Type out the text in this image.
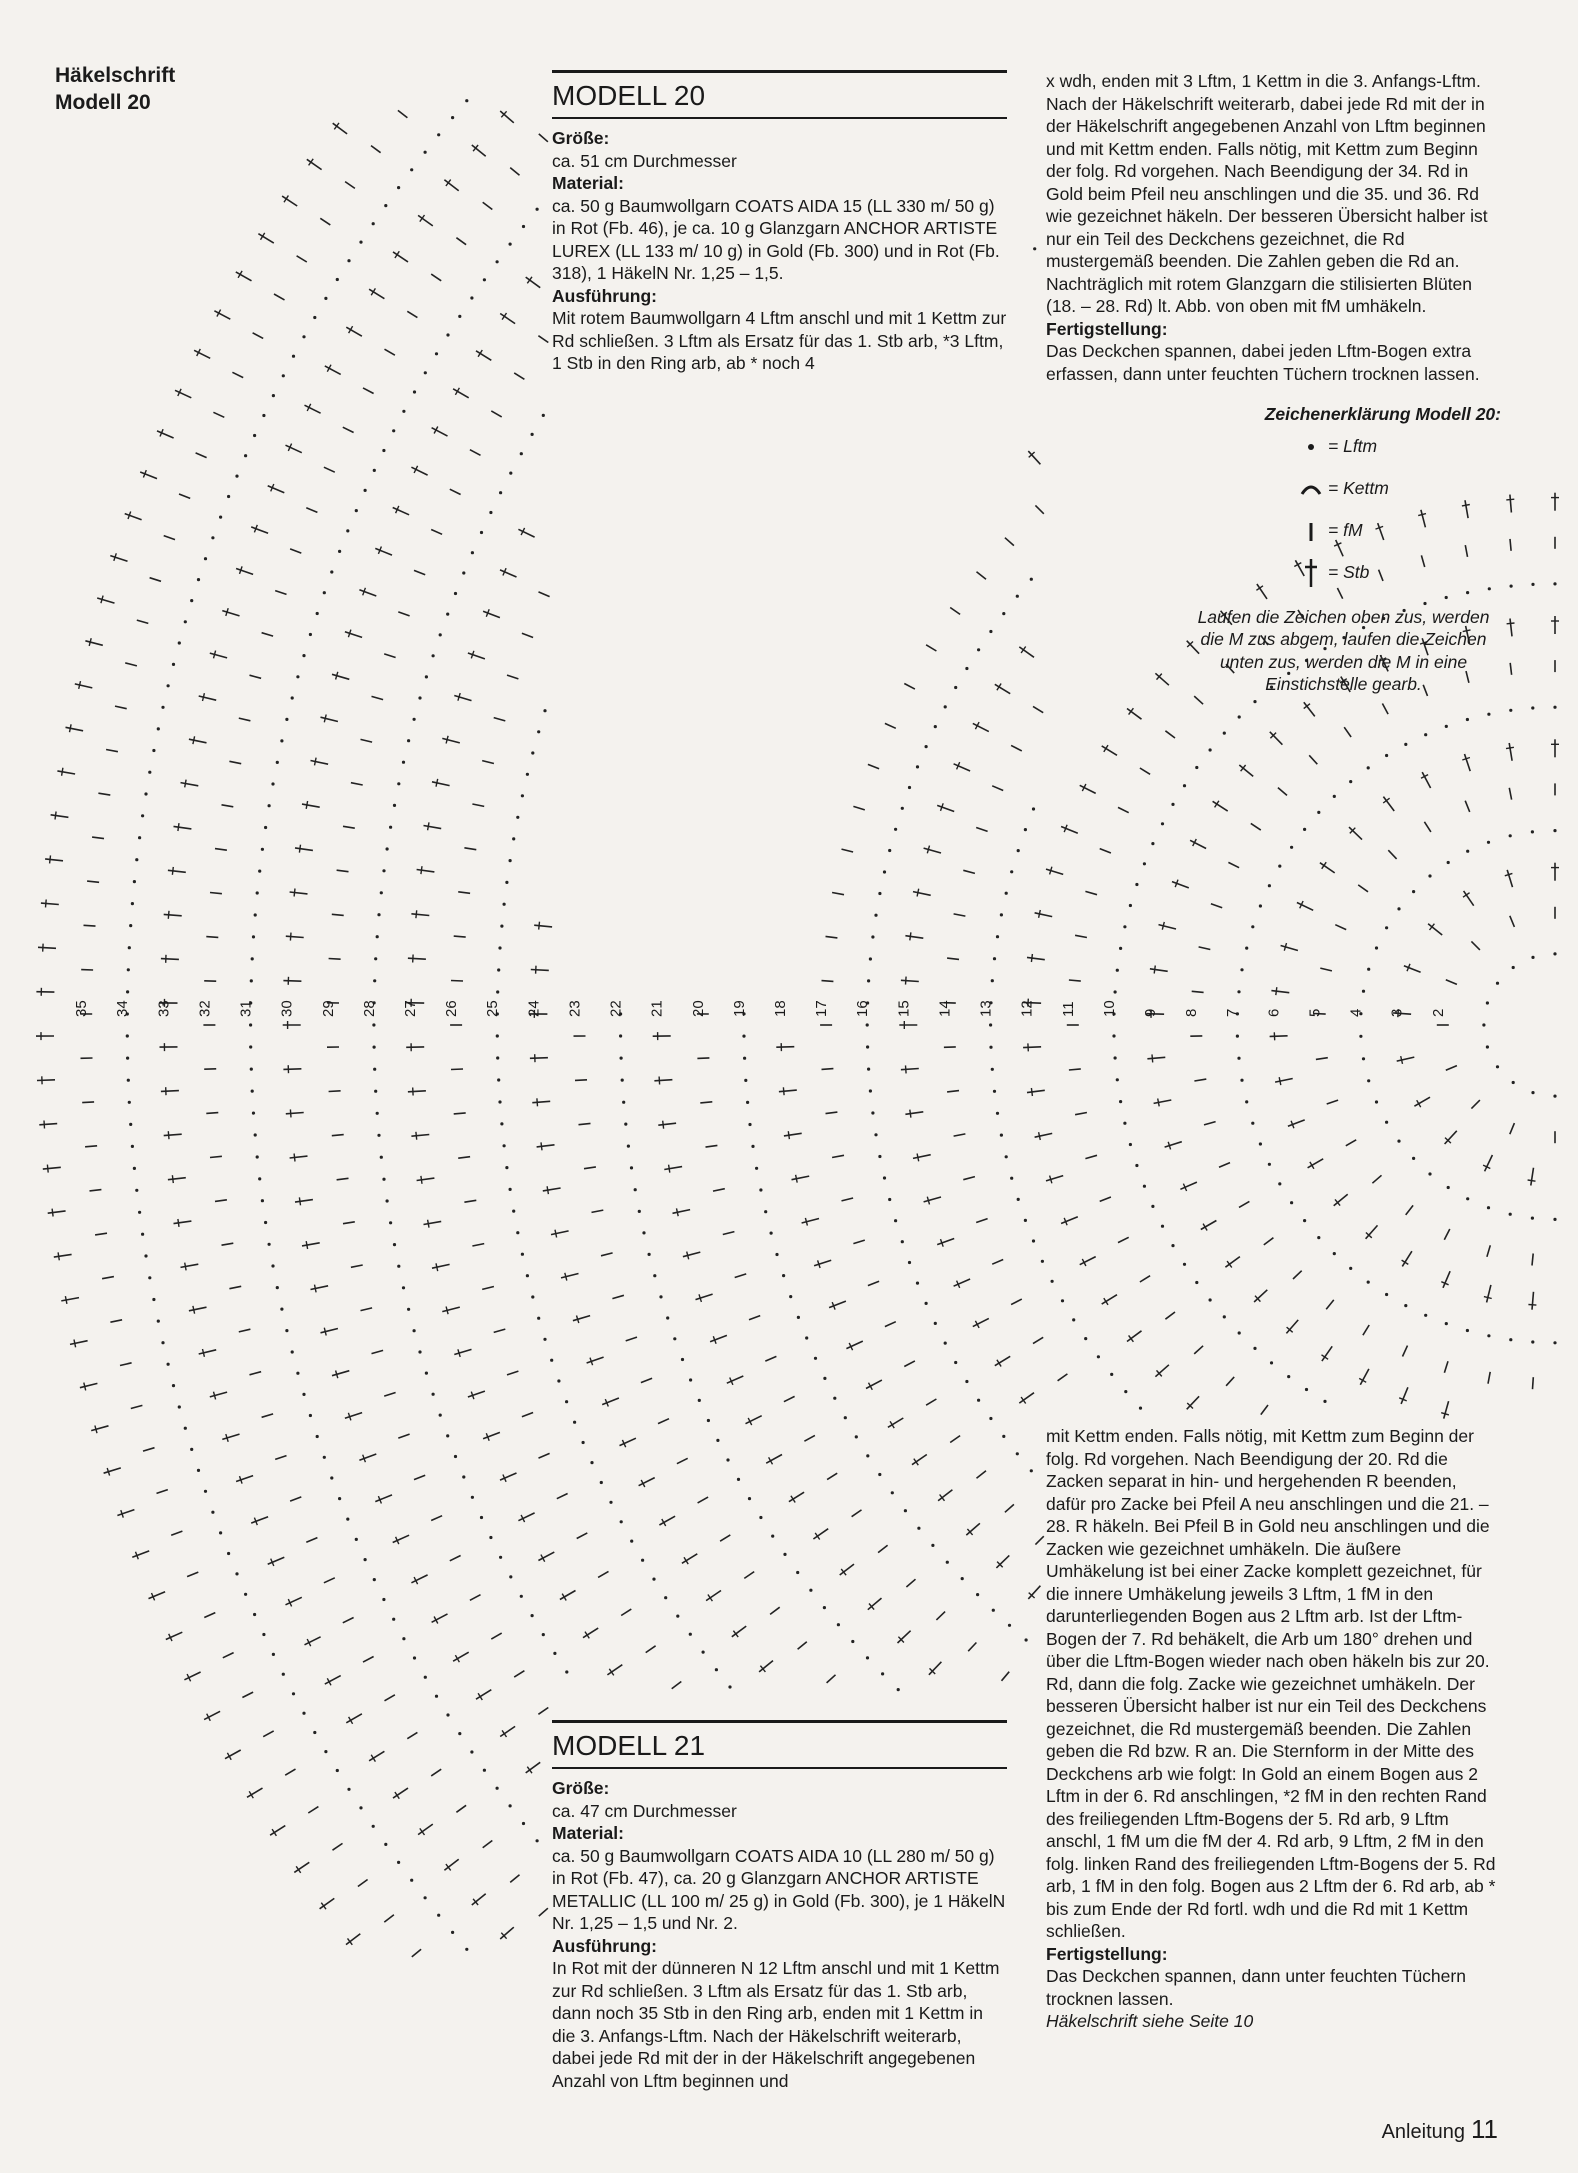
Häkelschrift
Modell 20
2
3
4
5
6
7
8
9
10
11
12
13
14
15
16
17
18
19
20
21
22
23
24
25
26
27
28
29
30
31
32
33
34
35
MODELL 20

Größe:

ca. 51 cm Durchmesser

Material:

ca. 50 g Baumwollgarn COATS AIDA 15 (LL 330 m/ 50 g) in Rot (Fb. 46), je ca. 10 g Glanzgarn ANCHOR ARTISTE LUREX (LL 133 m/ 10 g) in Gold (Fb. 300) und in Rot (Fb. 318), 1 HäkelN Nr. 1,25 – 1,5.

Ausführung:

Mit rotem Baumwollgarn 4 Lftm anschl und mit 1 Kettm zur Rd schließen. 3 Lftm als Ersatz für das 1. Stb arb, *3 Lftm, 1 Stb in den Ring arb, ab * noch 4

x wdh, enden mit 3 Lftm, 1 Kettm in die 3. Anfangs-Lftm. Nach der Häkelschrift weiterarb, dabei jede Rd mit der in der Häkelschrift angegebenen Anzahl von Lftm beginnen und mit Kettm enden. Falls nötig, mit Kettm zum Beginn der folg. Rd vorgehen. Nach Beendigung der 34. Rd in Gold beim Pfeil neu anschlingen und die 35. und 36. Rd wie gezeichnet häkeln. Der besseren Übersicht halber ist nur ein Teil des Deckchens gezeichnet, die Rd mustergemäß beenden. Die Zahlen geben die Rd an. Nachträglich mit rotem Glanzgarn die stilisierten Blüten (18. – 28. Rd) lt. Abb. von oben mit fM umhäkeln.

Fertigstellung:

Das Deckchen spannen, dabei jeden Lftm-Bogen extra erfassen, dann unter feuchten Tüchern trocknen lassen.

Zeichenerklärung Modell 20:
= Lftm
= Kettm
= fM
= Stb
Laufen die Zeichen oben zus, werden die M zus abgem, laufen die Zeichen unten zus, werden die M in eine Einstichstelle gearb.
MODELL 21

Größe:

ca. 47 cm Durchmesser

Material:

ca. 50 g Baumwollgarn COATS AIDA 10 (LL 280 m/ 50 g) in Rot (Fb. 47), ca. 20 g Glanzgarn ANCHOR ARTISTE METALLIC (LL 100 m/ 25 g) in Gold (Fb. 300), je 1 HäkelN Nr. 1,25 – 1,5 und Nr. 2.

Ausführung:

In Rot mit der dünneren N 12 Lftm anschl und mit 1 Kettm zur Rd schließen. 3 Lftm als Ersatz für das 1. Stb arb, dann noch 35 Stb in den Ring arb, enden mit 1 Kettm in die 3. Anfangs-Lftm. Nach der Häkelschrift weiterarb, dabei jede Rd mit der in der Häkelschrift angegebenen Anzahl von Lftm beginnen und

mit Kettm enden. Falls nötig, mit Kettm zum Beginn der folg. Rd vorgehen. Nach Beendigung der 20. Rd die Zacken separat in hin- und hergehenden R beenden, dafür pro Zacke bei Pfeil A neu anschlingen und die 21. – 28. R häkeln. Bei Pfeil B in Gold neu anschlingen und die Zacken wie gezeichnet umhäkeln. Die äußere Umhäkelung ist bei einer Zacke komplett gezeichnet, für die innere Umhäkelung jeweils 3 Lftm, 1 fM in den darunterliegenden Bogen aus 2 Lftm arb. Ist der Lftm-Bogen der 7. Rd behäkelt, die Arb um 180° drehen und über die Lftm-Bogen wieder nach oben häkeln bis zur 20. Rd, dann die folg. Zacke wie gezeichnet umhäkeln. Der besseren Übersicht halber ist nur ein Teil des Deckchens gezeichnet, die Rd mustergemäß beenden. Die Zahlen geben die Rd bzw. R an. Die Sternform in der Mitte des Deckchens arb wie folgt: In Gold an einem Bogen aus 2 Lftm in der 6. Rd anschlingen, *2 fM in den rechten Rand des freiliegenden Lftm-Bogens der 5. Rd arb, 9 Lftm anschl, 1 fM um die fM der 4. Rd arb, 9 Lftm, 2 fM in den folg. linken Rand des freiliegenden Lftm-Bogens der 5. Rd arb, 1 fM in den folg. Bogen aus 2 Lftm der 6. Rd arb, ab * bis zum Ende der Rd fortl. wdh und die Rd mit 1 Kettm schließen.

Fertigstellung:

Das Deckchen spannen, dann unter feuchten Tüchern trocknen lassen.

Häkelschrift siehe Seite 10

Anleitung 11
